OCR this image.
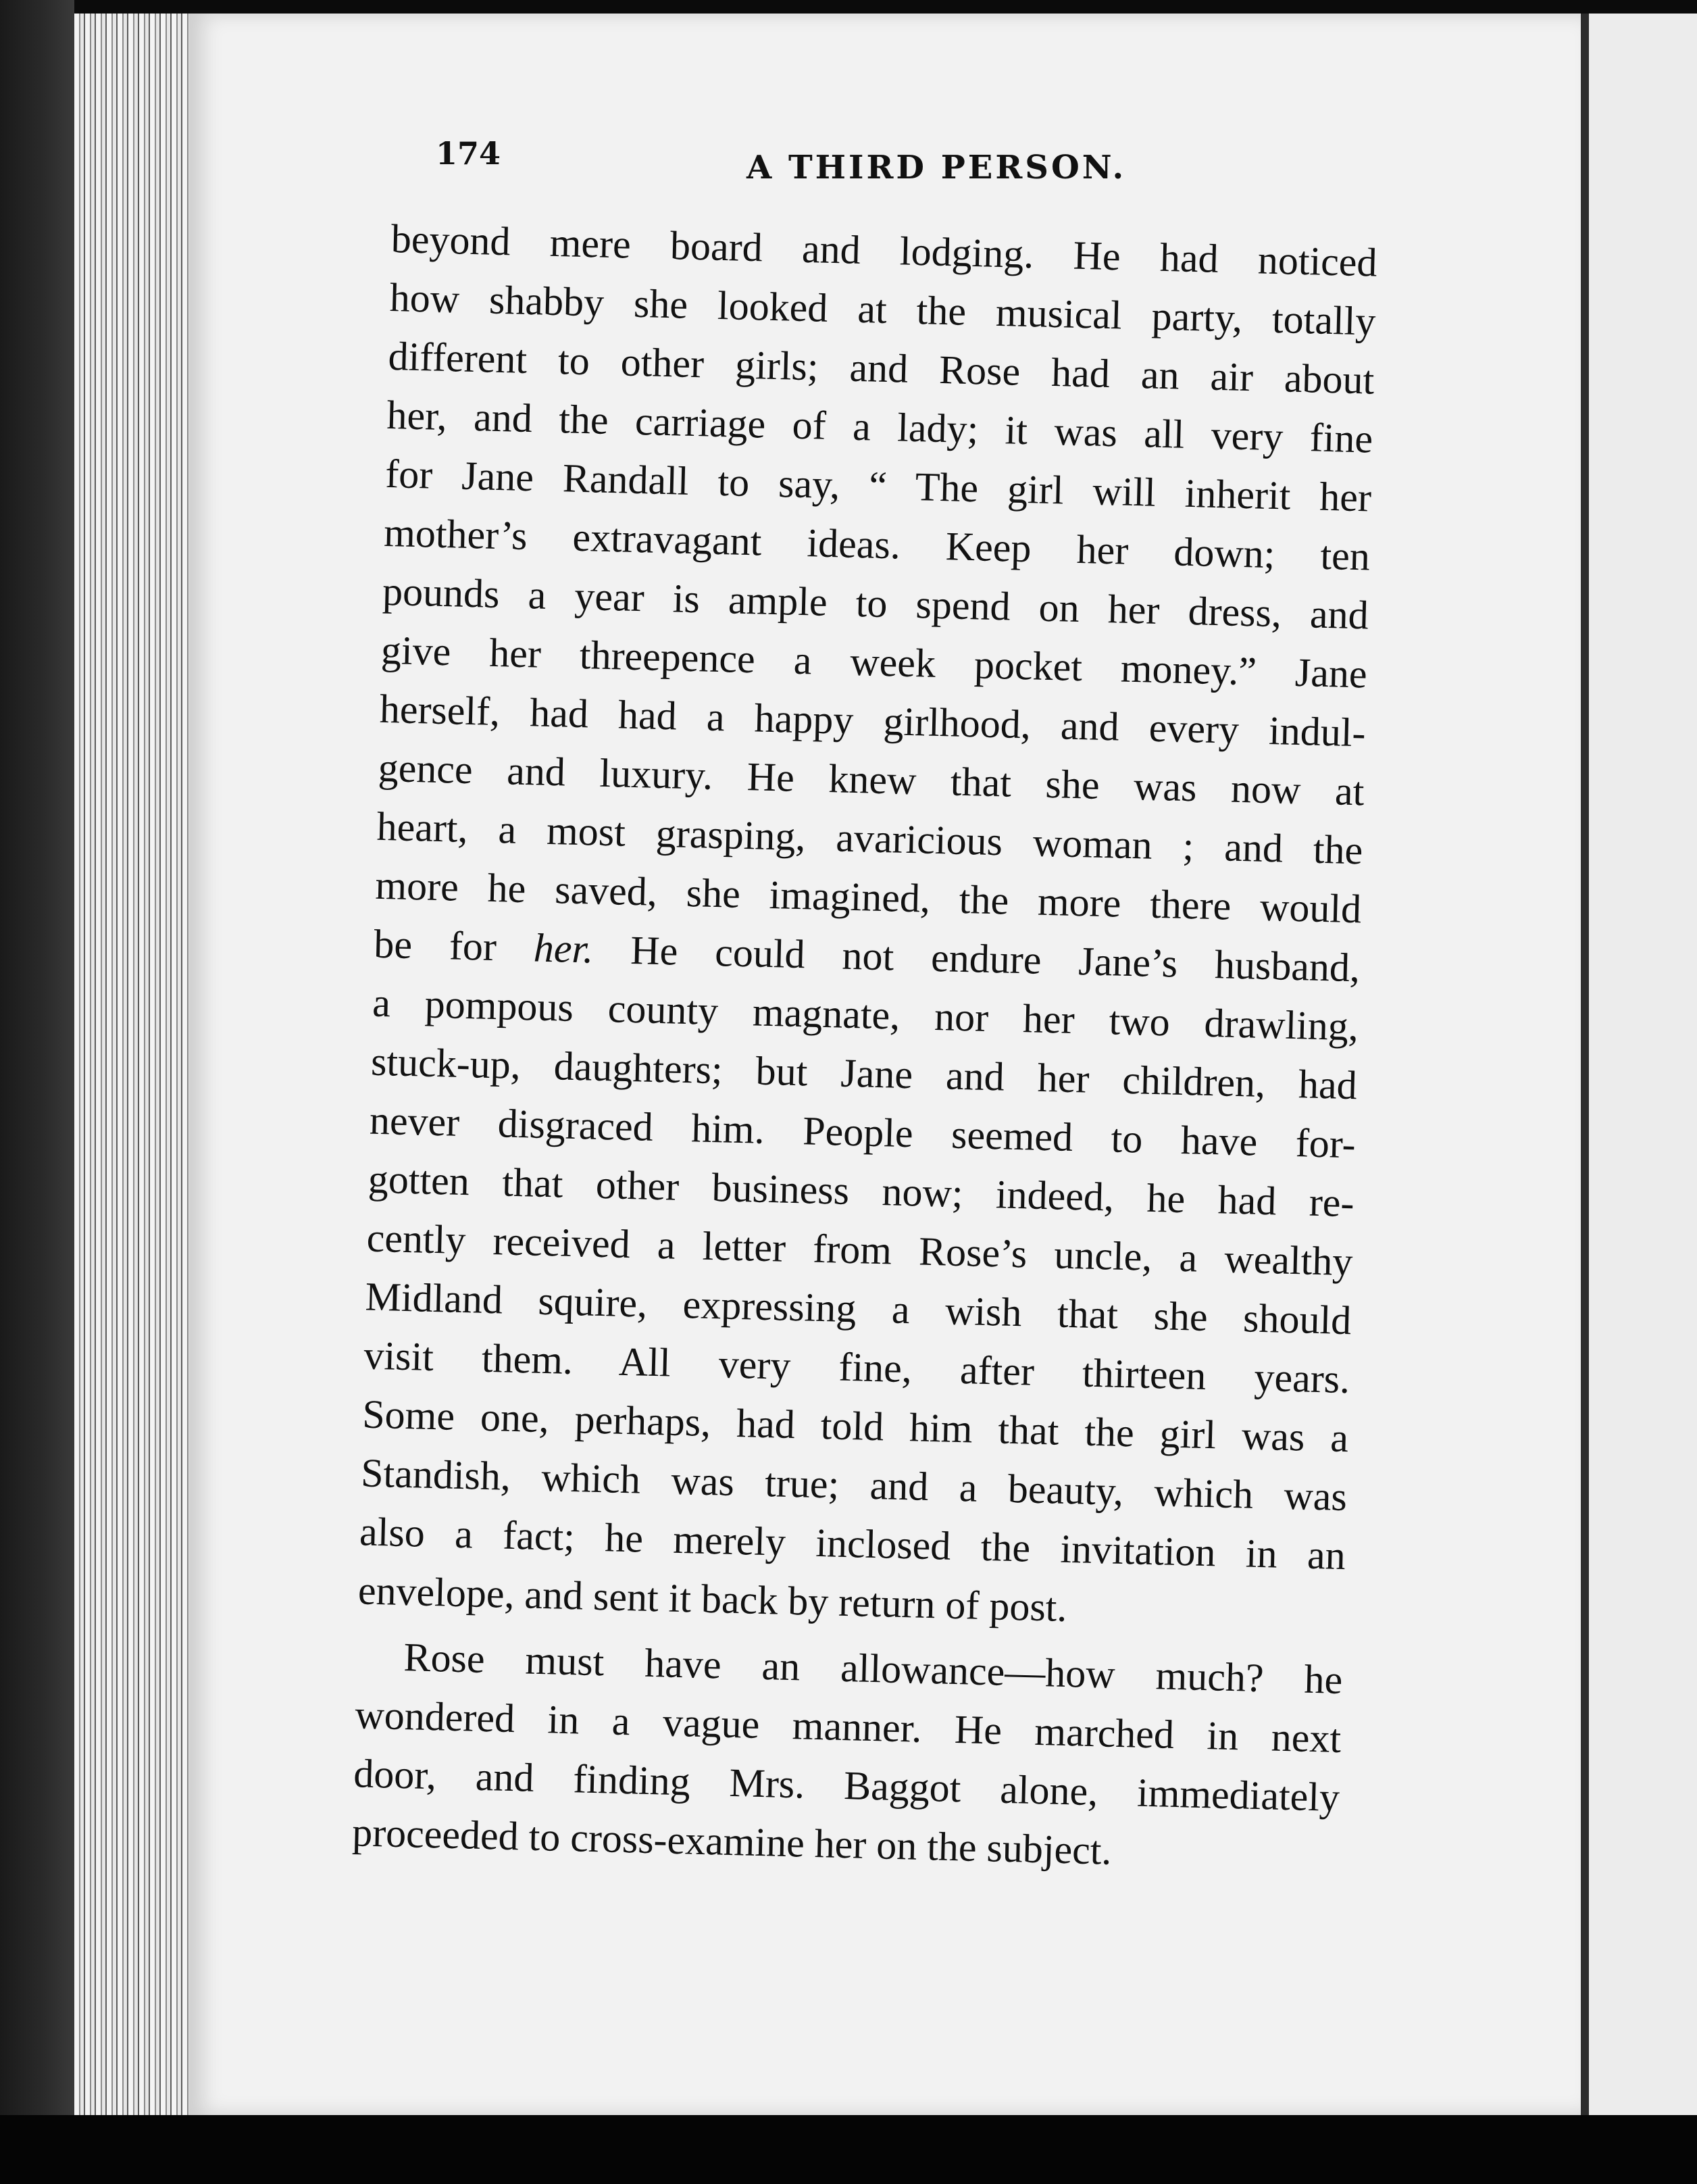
174	A THIRD PERSON.
beyond mere board and lodging. He had noticed
how shabby she looked at the musical party, totally
different to other girls; and Rose had an air about
her, and the carriage of a lady; it was all very fine
for Jane Randall to say, “ The girl will inherit her
mother’s extravagant ideas. Keep her down; ten
pounds a year is ample to spend on her dress, and
give her threepence a week pocket money.” Jane
herself, had had a happy girlhood, and every indul-
gence and luxury. He knew that she was now at
heart, a most grasping, avaricious woman ; and the
more he saved, she imagined, the more there would
be for her. He could not endure Jane’s husband,
a pompous county magnate, nor her two drawling,
stuck-up, daughters; but Jane and her children, had
never disgraced him. People seemed to have for-
gotten that other business now; indeed, he had re-
cently received a letter from Rose’s uncle, a wealthy
Midland squire, expressing a wish that she should
visit them. All very fine, after thirteen years.
Some one, perhaps, had told him that the girl was a
Standish, which was true; and a beauty, which was
also a fact; he merely inclosed the invitation in an
envelope, and sent it back by return of post.
Rose must have an allowance—how much? he
wondered in a vague manner. He marched in next
door, and finding Mrs. Baggot alone, immediately
proceeded to cross-examine her on the subject.
